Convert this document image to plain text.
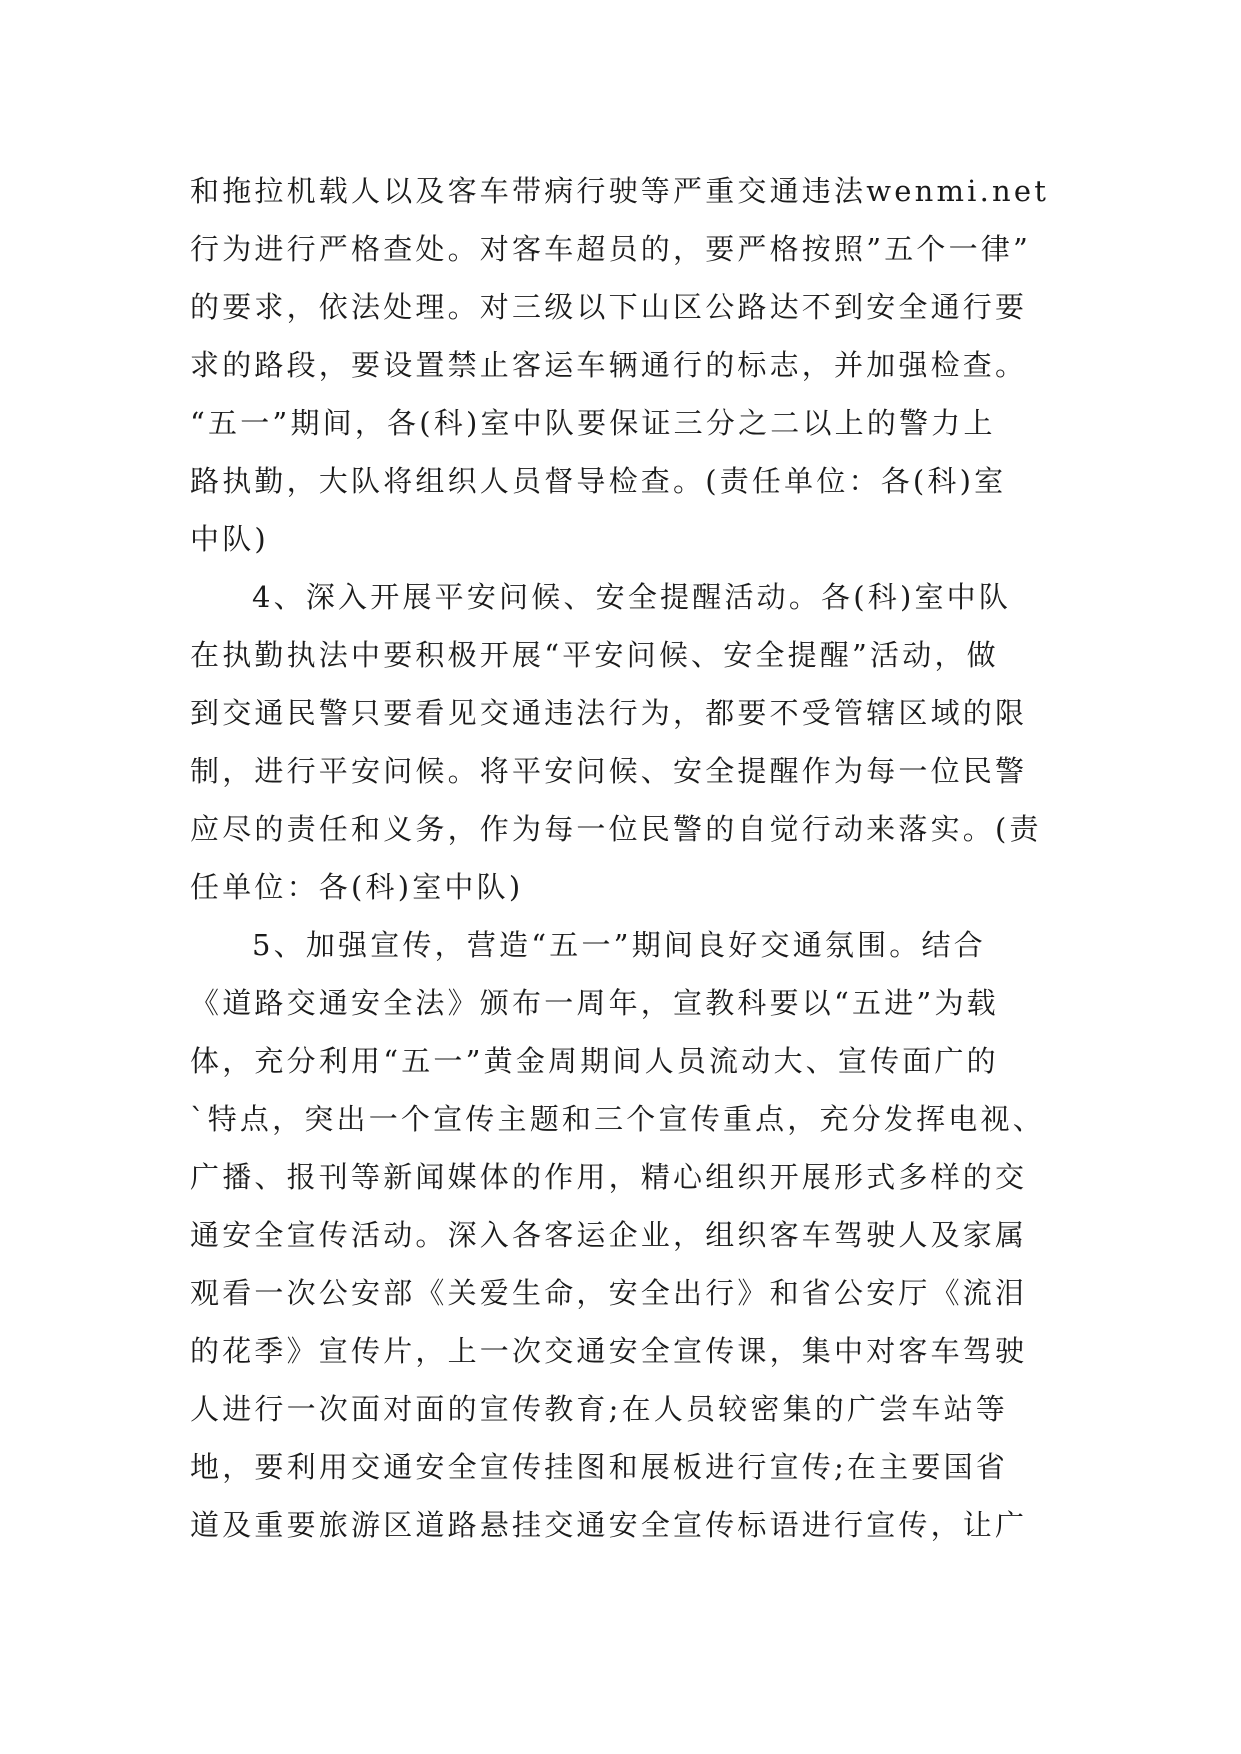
和拖拉机载人以及客车带病行驶等严重交通违法wenmi.net
行为进行严格查处。对客车超员的，要严格按照”五个一律”
的要求，依法处理。对三级以下山区公路达不到安全通行要
求的路段，要设置禁止客运车辆通行的标志，并加强检查。
“五一”期间，各(科)室中队要保证三分之二以上的警力上
路执勤，大队将组织人员督导检查。(责任单位：各(科)室
中队)
4、深入开展平安问候、安全提醒活动。各(科)室中队
在执勤执法中要积极开展“平安问候、安全提醒”活动，做
到交通民警只要看见交通违法行为，都要不受管辖区域的限
制，进行平安问候。将平安问候、安全提醒作为每一位民警
应尽的责任和义务，作为每一位民警的自觉行动来落实。(责
任单位：各(科)室中队)
5、加强宣传，营造“五一”期间良好交通氛围。结合
《道路交通安全法》颁布一周年，宣教科要以“五进”为载
体，充分利用“五一”黄金周期间人员流动大、宣传面广的
`特点，突出一个宣传主题和三个宣传重点，充分发挥电视、
广播、报刊等新闻媒体的作用，精心组织开展形式多样的交
通安全宣传活动。深入各客运企业，组织客车驾驶人及家属
观看一次公安部《关爱生命，安全出行》和省公安厅《流泪
的花季》宣传片，上一次交通安全宣传课，集中对客车驾驶
人进行一次面对面的宣传教育;在人员较密集的广尝车站等
地，要利用交通安全宣传挂图和展板进行宣传;在主要国省
道及重要旅游区道路悬挂交通安全宣传标语进行宣传，让广
